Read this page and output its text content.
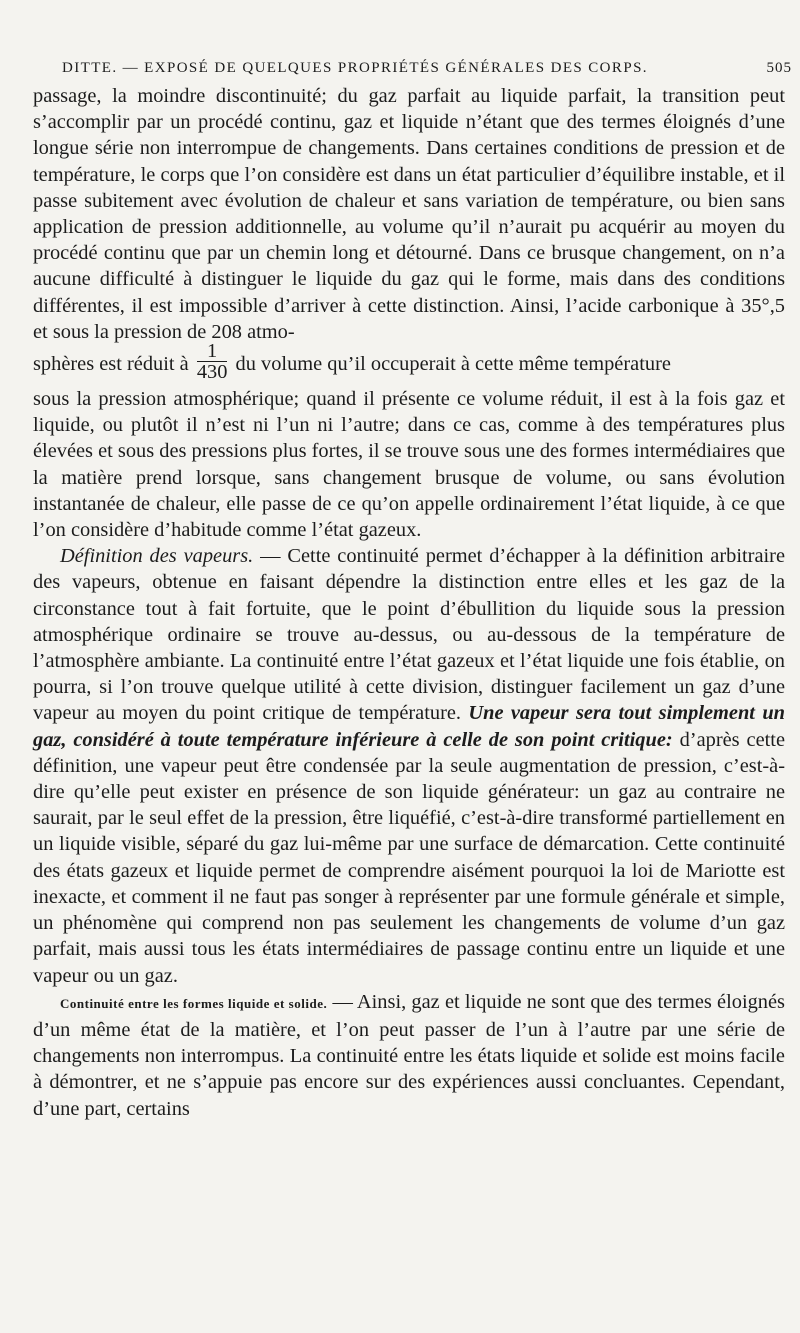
DITTE. — EXPOSÉ DE QUELQUES PROPRIÉTÉS GÉNÉRALES DES CORPS.	505

passage, la moindre discontinuité; du gaz parfait au liquide parfait, la transition peut s’accomplir par un procédé continu, gaz et liquide n’étant que des termes éloignés d’une longue série non interrompue de changements. Dans certaines conditions de pression et de température, le corps que l’on considère est dans un état particulier d’équilibre instable, et il passe subitement avec évolution de chaleur et sans variation de température, ou bien sans application de pression additionnelle, au volume qu’il n’aurait pu acquérir au moyen du procédé continu que par un chemin long et détourné. Dans ce brusque changement, on n’a aucune difficulté à distinguer le liquide du gaz qui le forme, mais dans des conditions différentes, il est impossible d’arriver à cette distinction. Ainsi, l’acide carbonique à 35°,5 et sous la pression de 208 atmo-

sphères est réduit à $\frac{1}{430}$ du volume qu’il occuperait à cette même température

sous la pression atmosphérique; quand il présente ce volume réduit, il est à la fois gaz et liquide, ou plutôt il n’est ni l’un ni l’autre; dans ce cas, comme à des températures plus élevées et sous des pressions plus fortes, il se trouve sous une des formes intermédiaires que la matière prend lorsque, sans changement brusque de volume, ou sans évolution instantanée de chaleur, elle passe de ce qu’on appelle ordinairement l’état liquide, à ce que l’on considère d’habitude comme l’état gazeux.

Définition des vapeurs. — Cette continuité permet d’échapper à la définition arbitraire des vapeurs, obtenue en faisant dépendre la distinction entre elles et les gaz de la circonstance tout à fait fortuite, que le point d’ébullition du liquide sous la pression atmosphérique ordinaire se trouve au-dessus, ou au-dessous de la température de l’atmosphère ambiante. La continuité entre l’état gazeux et l’état liquide une fois établie, on pourra, si l’on trouve quelque utilité à cette division, distinguer facilement un gaz d’une vapeur au moyen du point critique de température. Une vapeur sera tout simplement un gaz, considéré à toute température inférieure à celle de son point critique: d’après cette définition, une vapeur peut être condensée par la seule augmentation de pression, c’est-à-dire qu’elle peut exister en présence de son liquide générateur: un gaz au contraire ne saurait, par le seul effet de la pression, être liquéfié, c’est-à-dire transformé partiellement en un liquide visible, séparé du gaz lui-même par une surface de démarcation. Cette continuité des états gazeux et liquide permet de comprendre aisément pourquoi la loi de Mariotte est inexacte, et comment il ne faut pas songer à représenter par une formule générale et simple, un phénomène qui comprend non pas seulement les changements de volume d’un gaz parfait, mais aussi tous les états intermédiaires de passage continu entre un liquide et une vapeur ou un gaz.

Continuité entre les formes liquide et solide. — Ainsi, gaz et liquide ne sont que des termes éloignés d’un même état de la matière, et l’on peut passer de l’un à l’autre par une série de changements non interrompus. La continuité entre les états liquide et solide est moins facile à démontrer, et ne s’appuie pas encore sur des expériences aussi concluantes. Cependant, d’une part, certains
